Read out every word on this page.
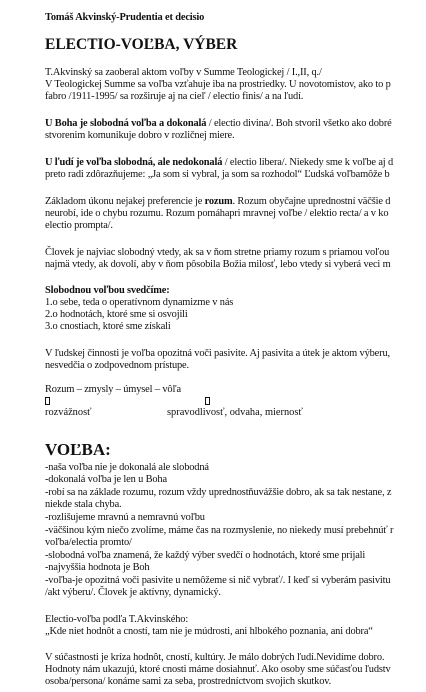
Tomáš Akvinský-Prudentia et decisio
ELECTIO-VOĽBA, VÝBER
T.Akvinský sa zaoberal aktom voľby v Summe Teologickej / I.,II, q./
V Teologickej Summe sa voľba vzťahuje iba na prostriedky. U novotomistov, ako to p
fabro /1911-1995/ sa rozširuje aj na cieľ / electio finis/ a na ľudí.
U Boha je slobodná voľba a dokonalá / electio divina/. Boh stvoril všetko ako dobré
stvorenim komunikuje dobro v rozličnej miere.
U ľudí je voľba slobodná, ale nedokonalá / electio libera/. Niekedy sme k voľbe aj d
preto radi zdôrazňujeme: „Ja som si vybral, ja som sa rozhodol“ Ľudská voľbamôže b
Základom úkonu nejakej preferencie je rozum. Rozum obyčajne uprednostní väčšie d
neurobí, ide o chybu rozumu. Rozum pomáhapri mravnej voľbe / elektio recta/ a v ko
electio prompta/.
Človek je najviac slobodný vtedy, ak sa v ňom stretne priamy rozum s priamou voľou
najmä vtedy, ak dovolí, aby v ňom pôsobila Božia milosť, lebo vtedy si vyberá veci m
Slobodnou voľbou svedčíme:
1.o sebe, teda o operatívnom dynamizme v nás
2.o hodnotách, ktoré sme si osvojili
3.o cnostiach, ktoré sme získali
V ľudskej činnosti je voľba opozitná voči pasivite. Aj pasivita a útek je aktom výberu,
nesvedčia o zodpovednom prístupe.
Rozum – zmysly – úmysel – vôľa
rozvážnosť	spravodlivosť, odvaha, miernosť
VOĽBA:
-naša voľba nie je dokonalá ale slobodná
-dokonalá voľba je len u Boha
-robí sa na základe rozumu, rozum vždy uprednostňuvážšie dobro, ak sa tak nestane, z
niekde stala chyba.
-rozlišujeme mravnú a nemravnú voľbu
-väčšinou kým niečo zvolíme, máme čas na rozmyslenie, no niekedy musí prebehnúť r
voľba/electia promto/
-slobodná voľba znamená, že každý výber svedčí o hodnotách, ktoré sme prijali
-najvyššia hodnota je Boh
-voľba-je opozitná voči pasivite u nemôžeme si nič vybrať/. I keď si vyberám pasivitu
/akt výberu/. Človek je aktívny, dynamický.
Electio-voľba podľa T.Akvinského:
„Kde niet hodnôt a cností, tam nie je múdrosti, ani hlbokého poznania, ani dobra“
V súčastnosti je kríza hodnôt, cností, kultúry. Je málo dobrých ľudí.Nevidíme dobro.
Hodnoty nám ukazujú, ktoré cnosti máme dosiahnuť. Ako osoby sme súčasťou ľudstv
osoba/persona/ konáme sami za seba, prostredníctvom svojich skutkov.
